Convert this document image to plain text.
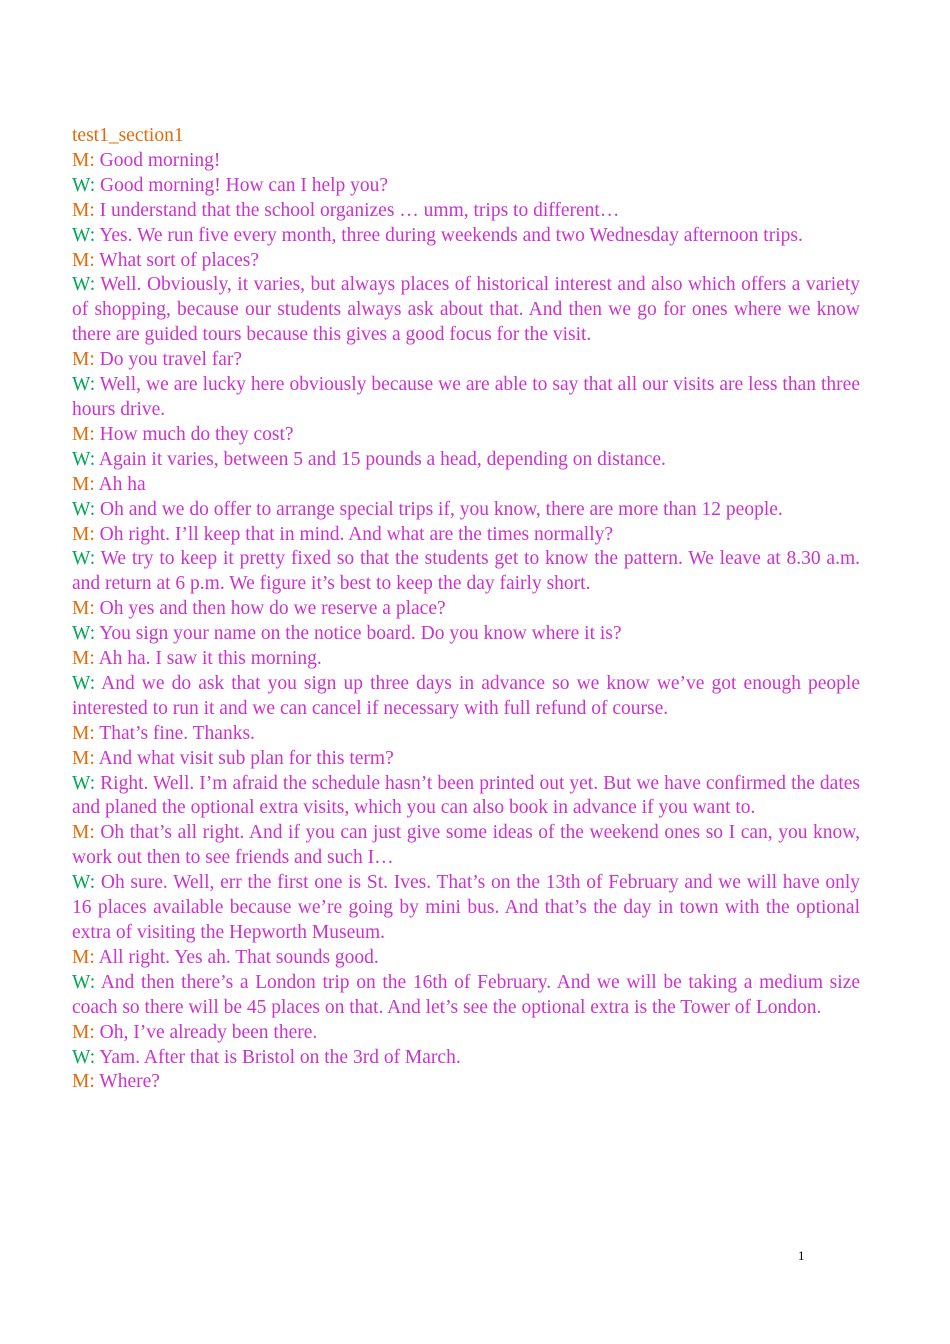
test1_section1

M: Good morning!

W: Good morning! How can I help you?

M: I understand that the school organizes … umm, trips to different…

W: Yes. We run five every month, three during weekends and two Wednesday afternoon trips.

M: What sort of places?

W: Well. Obviously, it varies, but always places of historical interest and also which offers a variety of shopping, because our students always ask about that. And then we go for ones where we know there are guided tours because this gives a good focus for the visit.

M: Do you travel far?

W: Well, we are lucky here obviously because we are able to say that all our visits are less than three hours drive.

M: How much do they cost?

W: Again it varies, between 5 and 15 pounds a head, depending on distance.

M: Ah ha

W: Oh and we do offer to arrange special trips if, you know, there are more than 12 people.

M: Oh right. I’ll keep that in mind. And what are the times normally?

W: We try to keep it pretty fixed so that the students get to know the pattern. We leave at 8.30 a.m. and return at 6 p.m. We figure it’s best to keep the day fairly short.

M: Oh yes and then how do we reserve a place?

W: You sign your name on the notice board. Do you know where it is?

M: Ah ha. I saw it this morning.

W: And we do ask that you sign up three days in advance so we know we’ve got enough people interested to run it and we can cancel if necessary with full refund of course.

M: That’s fine. Thanks.

M: And what visit sub plan for this term?

W: Right. Well. I’m afraid the schedule hasn’t been printed out yet. But we have confirmed the dates and planed the optional extra visits, which you can also book in advance if you want to.

M: Oh that’s all right. And if you can just give some ideas of the weekend ones so I can, you know, work out then to see friends and such I…

W: Oh sure. Well, err the first one is St. Ives. That’s on the 13th of February and we will have only 16 places available because we’re going by mini bus. And that’s the day in town with the optional extra of visiting the Hepworth Museum.

M: All right. Yes ah. That sounds good.

W: And then there’s a London trip on the 16th of February. And we will be taking a medium size coach so there will be 45 places on that. And let’s see the optional extra is the Tower of London.

M: Oh, I’ve already been there.

W: Yam. After that is Bristol on the 3rd of March.

M: Where?

1
